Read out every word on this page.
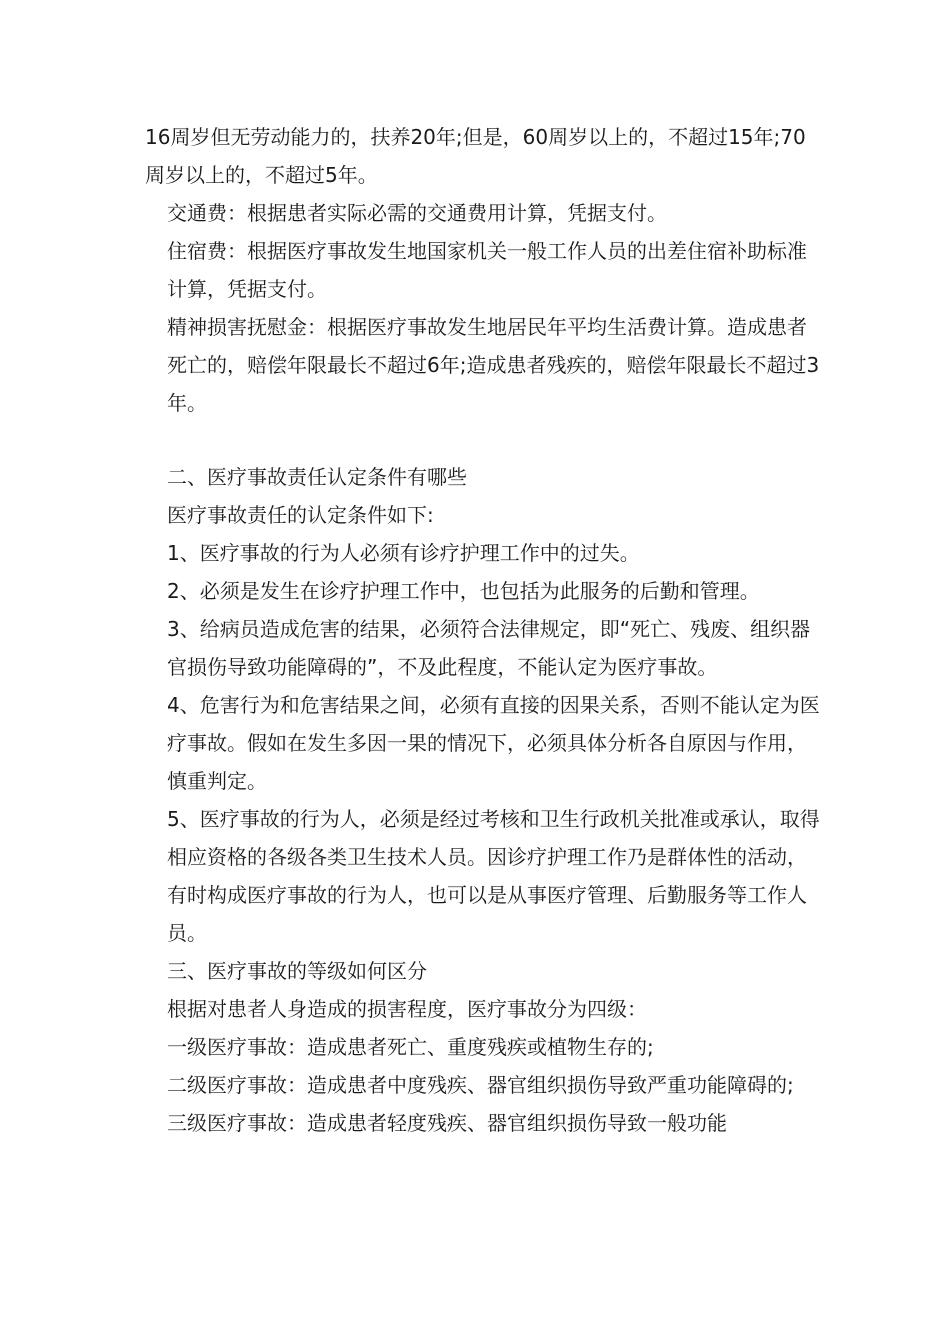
16周岁但无劳动能力的，扶养20年;但是，60周岁以上的，不超过15年;70周岁以上的，不超过5年。

交通费：根据患者实际必需的交通费用计算，凭据支付。

住宿费：根据医疗事故发生地国家机关一般工作人员的出差住宿补助标准计算，凭据支付。

精神损害抚慰金：根据医疗事故发生地居民年平均生活费计算。造成患者死亡的，赔偿年限最长不超过6年;造成患者残疾的，赔偿年限最长不超过3年。

二、医疗事故责任认定条件有哪些

医疗事故责任的认定条件如下:

1、医疗事故的行为人必须有诊疗护理工作中的过失。

2、必须是发生在诊疗护理工作中，也包括为此服务的后勤和管理。

3、给病员造成危害的结果，必须符合法律规定，即“死亡、残废、组织器官损伤导致功能障碍的”，不及此程度，不能认定为医疗事故。

4、危害行为和危害结果之间，必须有直接的因果关系，否则不能认定为医疗事故。假如在发生多因一果的情况下，必须具体分析各自原因与作用，慎重判定。

5、医疗事故的行为人，必须是经过考核和卫生行政机关批准或承认，取得相应资格的各级各类卫生技术人员。因诊疗护理工作乃是群体性的活动，有时构成医疗事故的行为人，也可以是从事医疗管理、后勤服务等工作人员。

三、医疗事故的等级如何区分

根据对患者人身造成的损害程度，医疗事故分为四级：

一级医疗事故：造成患者死亡、重度残疾或植物生存的;

二级医疗事故：造成患者中度残疾、器官组织损伤导致严重功能障碍的;

三级医疗事故：造成患者轻度残疾、器官组织损伤导致一般功能
